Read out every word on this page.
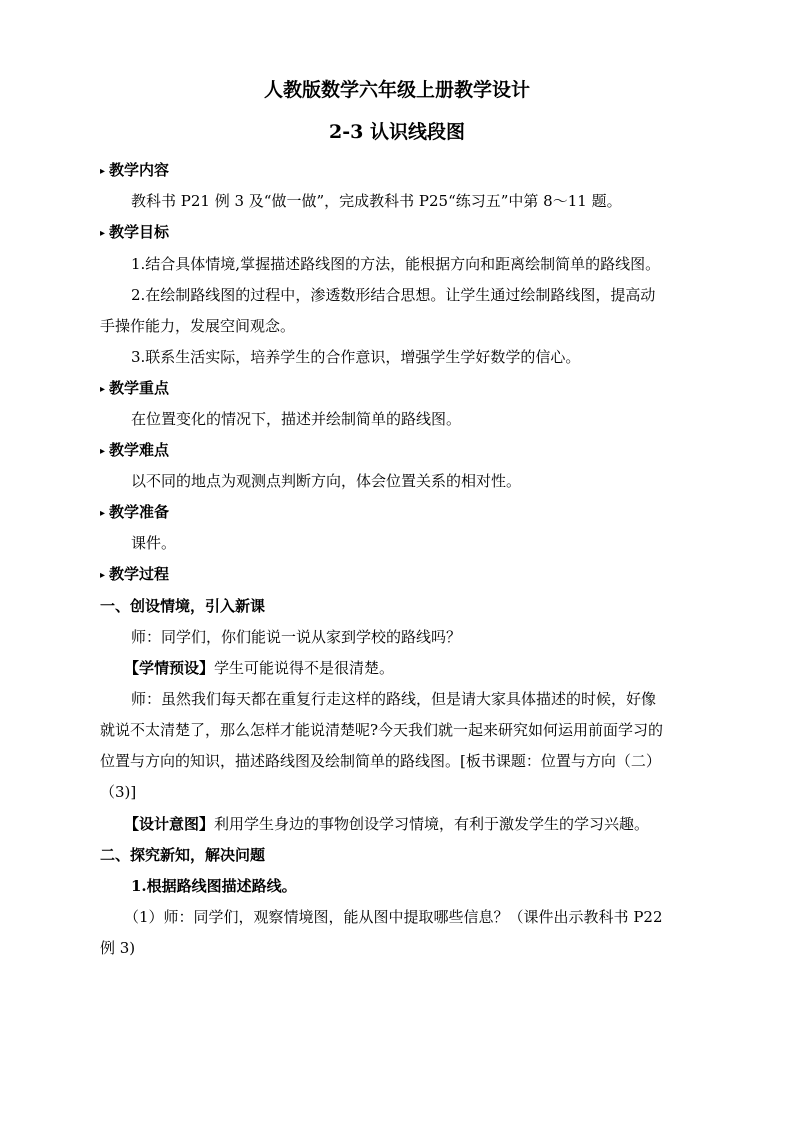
人教版数学六年级上册教学设计
2-3 认识线段图
▸ 教学内容
教科书 P21 例 3 及“做一做”，完成教科书 P25“练习五”中第 8～11 题。
▸ 教学目标
1.结合具体情境,掌握描述路线图的方法，能根据方向和距离绘制简单的路线图。
2.在绘制路线图的过程中，渗透数形结合思想。让学生通过绘制路线图，提高动
手操作能力，发展空间观念。
3.联系生活实际，培养学生的合作意识，增强学生学好数学的信心。
▸ 教学重点
在位置变化的情况下，描述并绘制简单的路线图。
▸ 教学难点
以不同的地点为观测点判断方向，体会位置关系的相对性。
▸ 教学准备
课件。
▸ 教学过程
一、创设情境，引入新课
师：同学们，你们能说一说从家到学校的路线吗？
【学情预设】学生可能说得不是很清楚。
师：虽然我们每天都在重复行走这样的路线，但是请大家具体描述的时候，好像
就说不太清楚了，那么怎样才能说清楚呢?今天我们就一起来研究如何运用前面学习的
位置与方向的知识，描述路线图及绘制简单的路线图。[板书课题：位置与方向（二）
（3)]
【设计意图】利用学生身边的事物创设学习情境，有利于激发学生的学习兴趣。
二、探究新知，解决问题
1.根据路线图描述路线。
（1）师：同学们，观察情境图，能从图中提取哪些信息？（课件出示教科书 P22
例 3)
